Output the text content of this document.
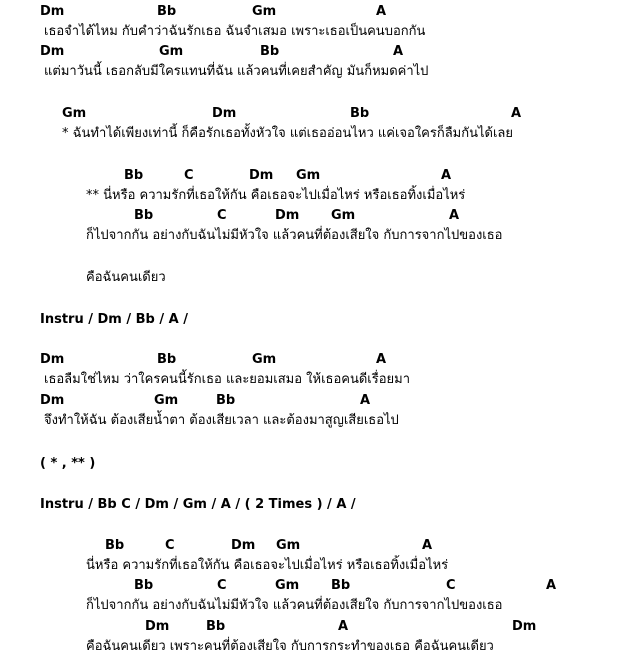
Dm	Bb	Gm	A
เธอจำได้ไหม กับคำว่าฉันรักเธอ ฉันจำเสมอ เพราะเธอเป็นคนบอกกัน
Dm	Gm	Bb	A
แต่มาวันนี้ เธอกลับมีใครแทนที่ฉัน แล้วคนที่เคยสำคัญ มันก็หมดค่าไป
Gm	Dm	Bb	A
* ฉันทำได้เพียงเท่านี้ ก็คือรักเธอทั้งหัวใจ แต่เธออ่อนไหว แค่เจอใครก็ลืมกันได้เลย
Bb	C	Dm Gm	A
** นี่หรือ ความรักที่เธอให้กัน คือเธอจะไปเมื่อไหร่ หรือเธอทิ้งเมื่อไหร่
Bb	C	Dm Gm	A
ก็ไปจากกัน อย่างกับฉันไม่มีหัวใจ แล้วคนที่ต้องเสียใจ กับการจากไปของเธอ
คือฉันคนเดียว
Instru / Dm / Bb / A /
Dm	Bb	Gm	A
เธอลืมใช่ไหม ว่าใครคนนี้รักเธอ และยอมเสมอ ให้เธอคนดีเรื่อยมา
Dm	Gm	Bb	A
จึงทำให้ฉัน ต้องเสียน้ำตา ต้องเสียเวลา และต้องมาสูญเสียเธอไป
( * , ** )
Instru / Bb C / Dm / Gm / A / ( 2 Times ) / A /
Bb	C	Dm Gm	A
นี่หรือ ความรักที่เธอให้กัน คือเธอจะไปเมื่อไหร่ หรือเธอทิ้งเมื่อไหร่
Bb	C	Gm Bb	C	A
ก็ไปจากกัน อย่างกับฉันไม่มีหัวใจ แล้วคนที่ต้องเสียใจ กับการจากไปของเธอ
Dm	Bb	A	Dm
คือฉันคนเดียว เพราะคนที่ต้องเสียใจ กับการกระทำของเธอ คือฉันคนเดียว
